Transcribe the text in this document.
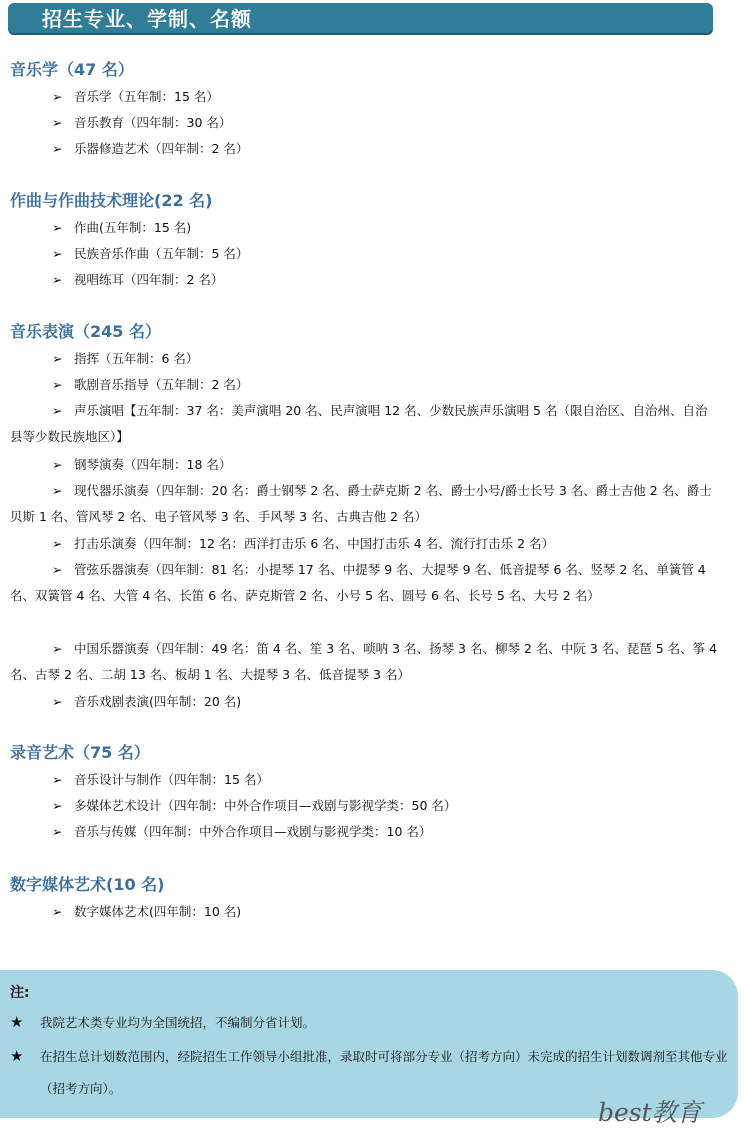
招生专业、学制、名额
音乐学（47 名）
➢ 音乐学（五年制：15 名）
➢ 音乐教育（四年制：30 名）
➢ 乐器修造艺术（四年制：2 名）
作曲与作曲技术理论(22 名)
➢ 作曲(五年制：15 名)
➢ 民族音乐作曲（五年制：5 名）
➢ 视唱练耳（四年制：2 名）
音乐表演（245 名）
➢ 指挥（五年制：6 名）
➢ 歌剧音乐指导（五年制：2 名）
➢ 声乐演唱【五年制：37 名：美声演唱 20 名、民声演唱 12 名、少数民族声乐演唱 5 名（限自治区、自治州、自治县等少数民族地区）】
➢ 钢琴演奏（四年制：18 名）
➢ 现代器乐演奏（四年制：20 名：爵士钢琴 2 名、爵士萨克斯 2 名、爵士小号/爵士长号 3 名、爵士吉他 2 名、爵士贝斯 1 名、管风琴 2 名、电子管风琴 3 名、手风琴 3 名、古典吉他 2 名）
➢ 打击乐演奏（四年制：12 名：西洋打击乐 6 名、中国打击乐 4 名、流行打击乐 2 名）
➢ 管弦乐器演奏（四年制：81 名：小提琴 17 名、中提琴 9 名、大提琴 9 名、低音提琴 6 名、竖琴 2 名、单簧管 4 名、双簧管 4 名、大管 4 名、长笛 6 名、萨克斯管 2 名、小号 5 名、圆号 6 名、长号 5 名、大号 2 名）
➢ 中国乐器演奏（四年制：49 名：笛 4 名、笙 3 名、唢呐 3 名、扬琴 3 名、柳琴 2 名、中阮 3 名、琵琶 5 名、筝 4 名、古琴 2 名、二胡 13 名、板胡 1 名、大提琴 3 名、低音提琴 3 名）
➢ 音乐戏剧表演(四年制：20 名)
录音艺术（75 名）
➢ 音乐设计与制作（四年制：15 名）
➢ 多媒体艺术设计（四年制：中外合作项目—戏剧与影视学类：50 名）
➢ 音乐与传媒（四年制：中外合作项目—戏剧与影视学类：10 名）
数字媒体艺术(10 名)
➢ 数字媒体艺术(四年制：10 名)
注:
★ 我院艺术类专业均为全国统招，不编制分省计划。
★ 在招生总计划数范围内，经院招生工作领导小组批准，录取时可将部分专业（招考方向）未完成的招生计划数调剂至其他专业（招考方向）。
best教育
